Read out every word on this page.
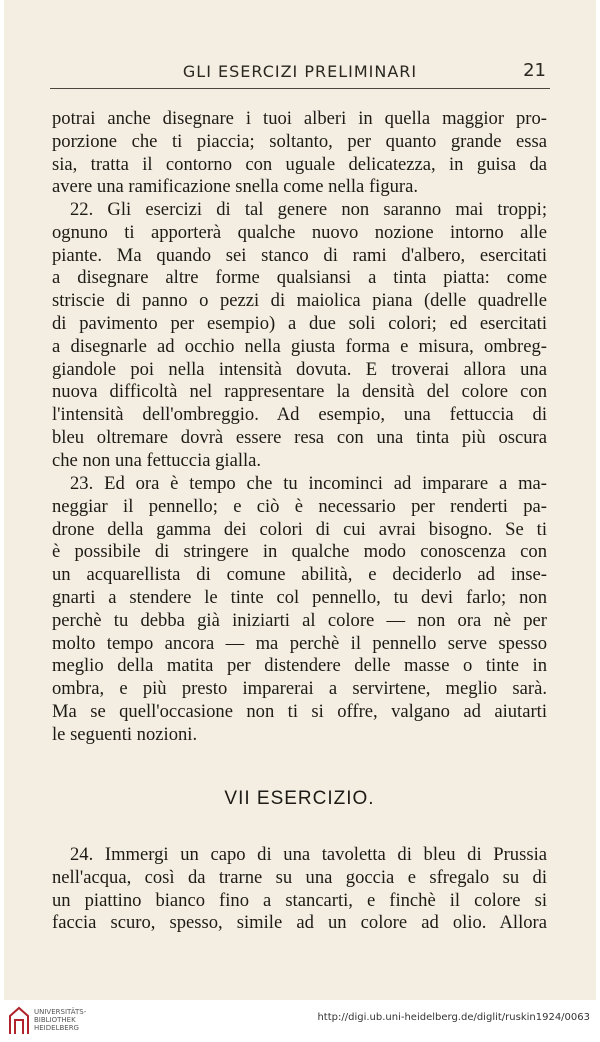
GLI ESERCIZI PRELIMINARI	21
potrai anche disegnare i tuoi alberi in quella maggior pro-
porzione che ti piaccia; soltanto, per quanto grande essa
sia, tratta il contorno con uguale delicatezza, in guisa da
avere una ramificazione snella come nella figura.
22. Gli esercizi di tal genere non saranno mai troppi;
ognuno ti apporterà qualche nuovo nozione intorno alle
piante. Ma quando sei stanco di rami d'albero, esercitati
a disegnare altre forme qualsiansi a tinta piatta: come
striscie di panno o pezzi di maiolica piana (delle quadrelle
di pavimento per esempio) a due soli colori; ed esercitati
a disegnarle ad occhio nella giusta forma e misura, ombreg-
giandole poi nella intensità dovuta. E troverai allora una
nuova difficoltà nel rappresentare la densità del colore con
l'intensità dell'ombreggio. Ad esempio, una fettuccia di
bleu oltremare dovrà essere resa con una tinta più oscura
che non una fettuccia gialla.
23. Ed ora è tempo che tu incominci ad imparare a ma-
neggiar il pennello; e ciò è necessario per renderti pa-
drone della gamma dei colori di cui avrai bisogno. Se ti
è possibile di stringere in qualche modo conoscenza con
un acquarellista di comune abilità, e deciderlo ad inse-
gnarti a stendere le tinte col pennello, tu devi farlo; non
perchè tu debba già iniziarti al colore — non ora nè per
molto tempo ancora — ma perchè il pennello serve spesso
meglio della matita per distendere delle masse o tinte in
ombra, e più presto imparerai a servirtene, meglio sarà.
Ma se quell'occasione non ti si offre, valgano ad aiutarti
le seguenti nozioni.
VII ESERCIZIO.
24. Immergi un capo di una tavoletta di bleu di Prussia
nell'acqua, così da trarne su una goccia e sfregalo su di
un piattino bianco fino a stancarti, e finchè il colore si
faccia scuro, spesso, simile ad un colore ad olio. Allora
UNIVERSITÄTS-
BIBLIOTHEK
HEIDELBERG
http://digi.ub.uni-heidelberg.de/diglit/ruskin1924/0063
